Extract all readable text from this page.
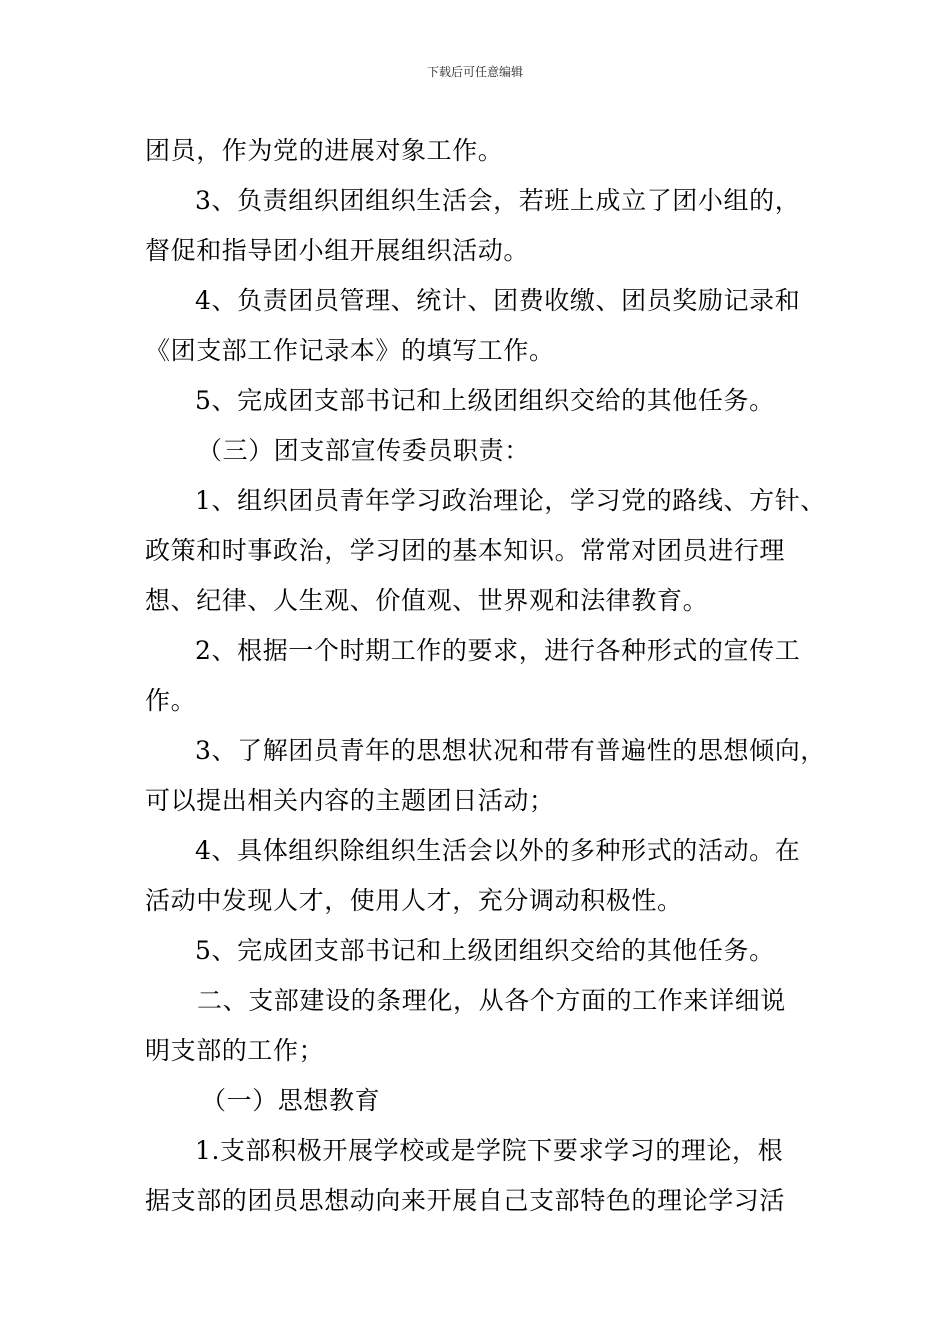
下载后可任意编辑
团员，作为党的进展对象工作。
3、负责组织团组织生活会，若班上成立了团小组的，
督促和指导团小组开展组织活动。
4、负责团员管理、统计、团费收缴、团员奖励记录和
《团支部工作记录本》的填写工作。
5、完成团支部书记和上级团组织交给的其他任务。
（三）团支部宣传委员职责：
1、组织团员青年学习政治理论，学习党的路线、方针、
政策和时事政治，学习团的基本知识。常常对团员进行理
想、纪律、人生观、价值观、世界观和法律教育。
2、根据一个时期工作的要求，进行各种形式的宣传工
作。
3、了解团员青年的思想状况和带有普遍性的思想倾向，
可以提出相关内容的主题团日活动；
4、具体组织除组织生活会以外的多种形式的活动。在
活动中发现人才，使用人才，充分调动积极性。
5、完成团支部书记和上级团组织交给的其他任务。
二、支部建设的条理化，从各个方面的工作来详细说
明支部的工作；
（一）思想教育
1.支部积极开展学校或是学院下要求学习的理论，根
据支部的团员思想动向来开展自己支部特色的理论学习活
